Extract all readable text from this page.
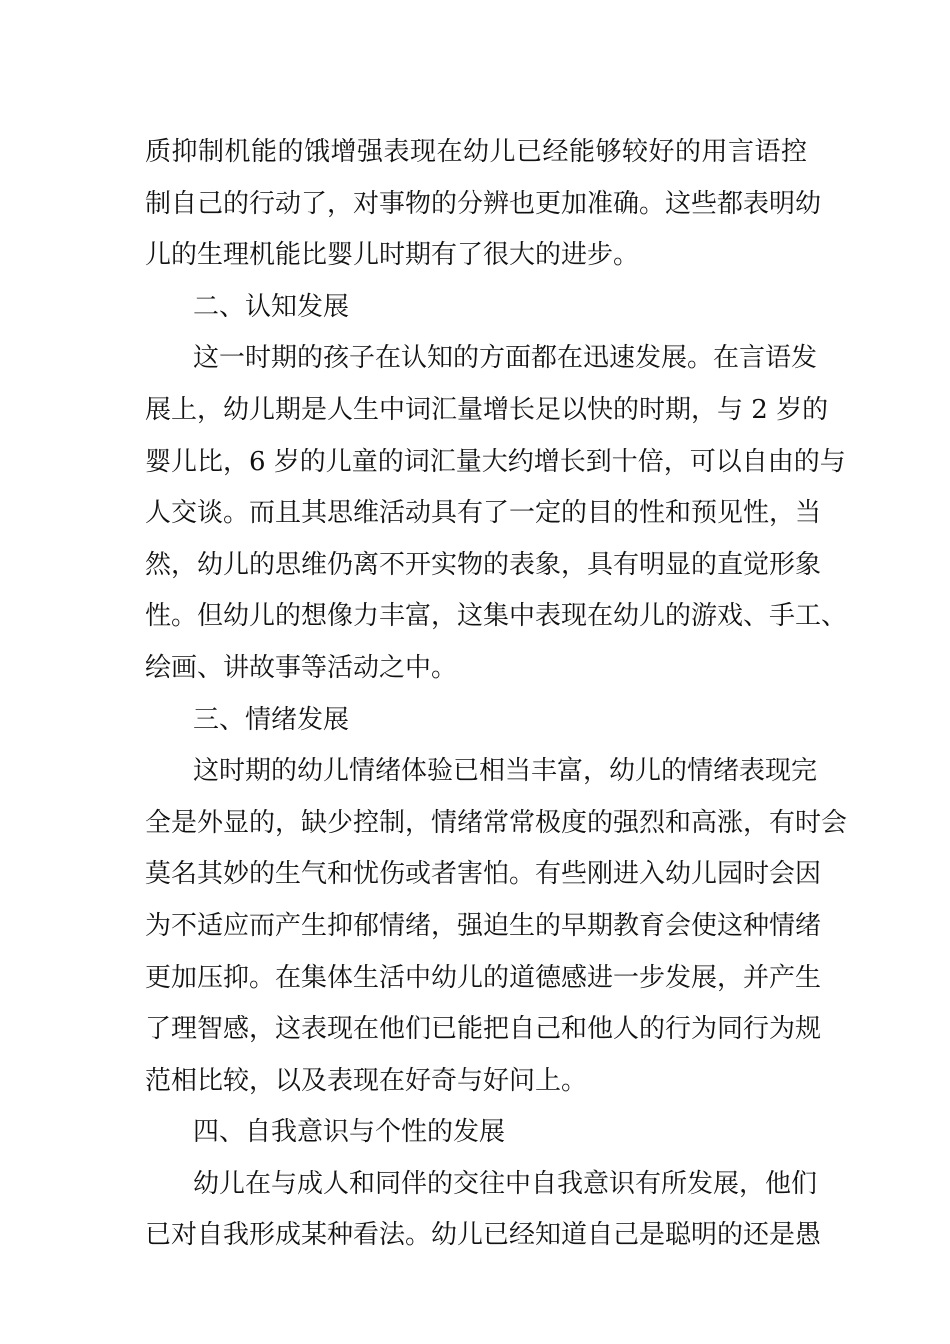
质抑制机能的饿增强表现在幼儿已经能够较好的用言语控
制自己的行动了，对事物的分辨也更加准确。这些都表明幼
儿的生理机能比婴儿时期有了很大的进步。
二、认知发展
这一时期的孩子在认知的方面都在迅速发展。在言语发
展上，幼儿期是人生中词汇量增长足以快的时期，与 2 岁的
婴儿比，6 岁的儿童的词汇量大约增长到十倍，可以自由的与
人交谈。而且其思维活动具有了一定的目的性和预见性，当
然，幼儿的思维仍离不开实物的表象，具有明显的直觉形象
性。但幼儿的想像力丰富，这集中表现在幼儿的游戏、手工、
绘画、讲故事等活动之中。
三、情绪发展
这时期的幼儿情绪体验已相当丰富，幼儿的情绪表现完
全是外显的，缺少控制，情绪常常极度的强烈和高涨，有时会
莫名其妙的生气和忧伤或者害怕。有些刚进入幼儿园时会因
为不适应而产生抑郁情绪，强迫生的早期教育会使这种情绪
更加压抑。在集体生活中幼儿的道德感进一步发展，并产生
了理智感，这表现在他们已能把自己和他人的行为同行为规
范相比较，以及表现在好奇与好问上。
四、自我意识与个性的发展
幼儿在与成人和同伴的交往中自我意识有所发展，他们
已对自我形成某种看法。幼儿已经知道自己是聪明的还是愚
